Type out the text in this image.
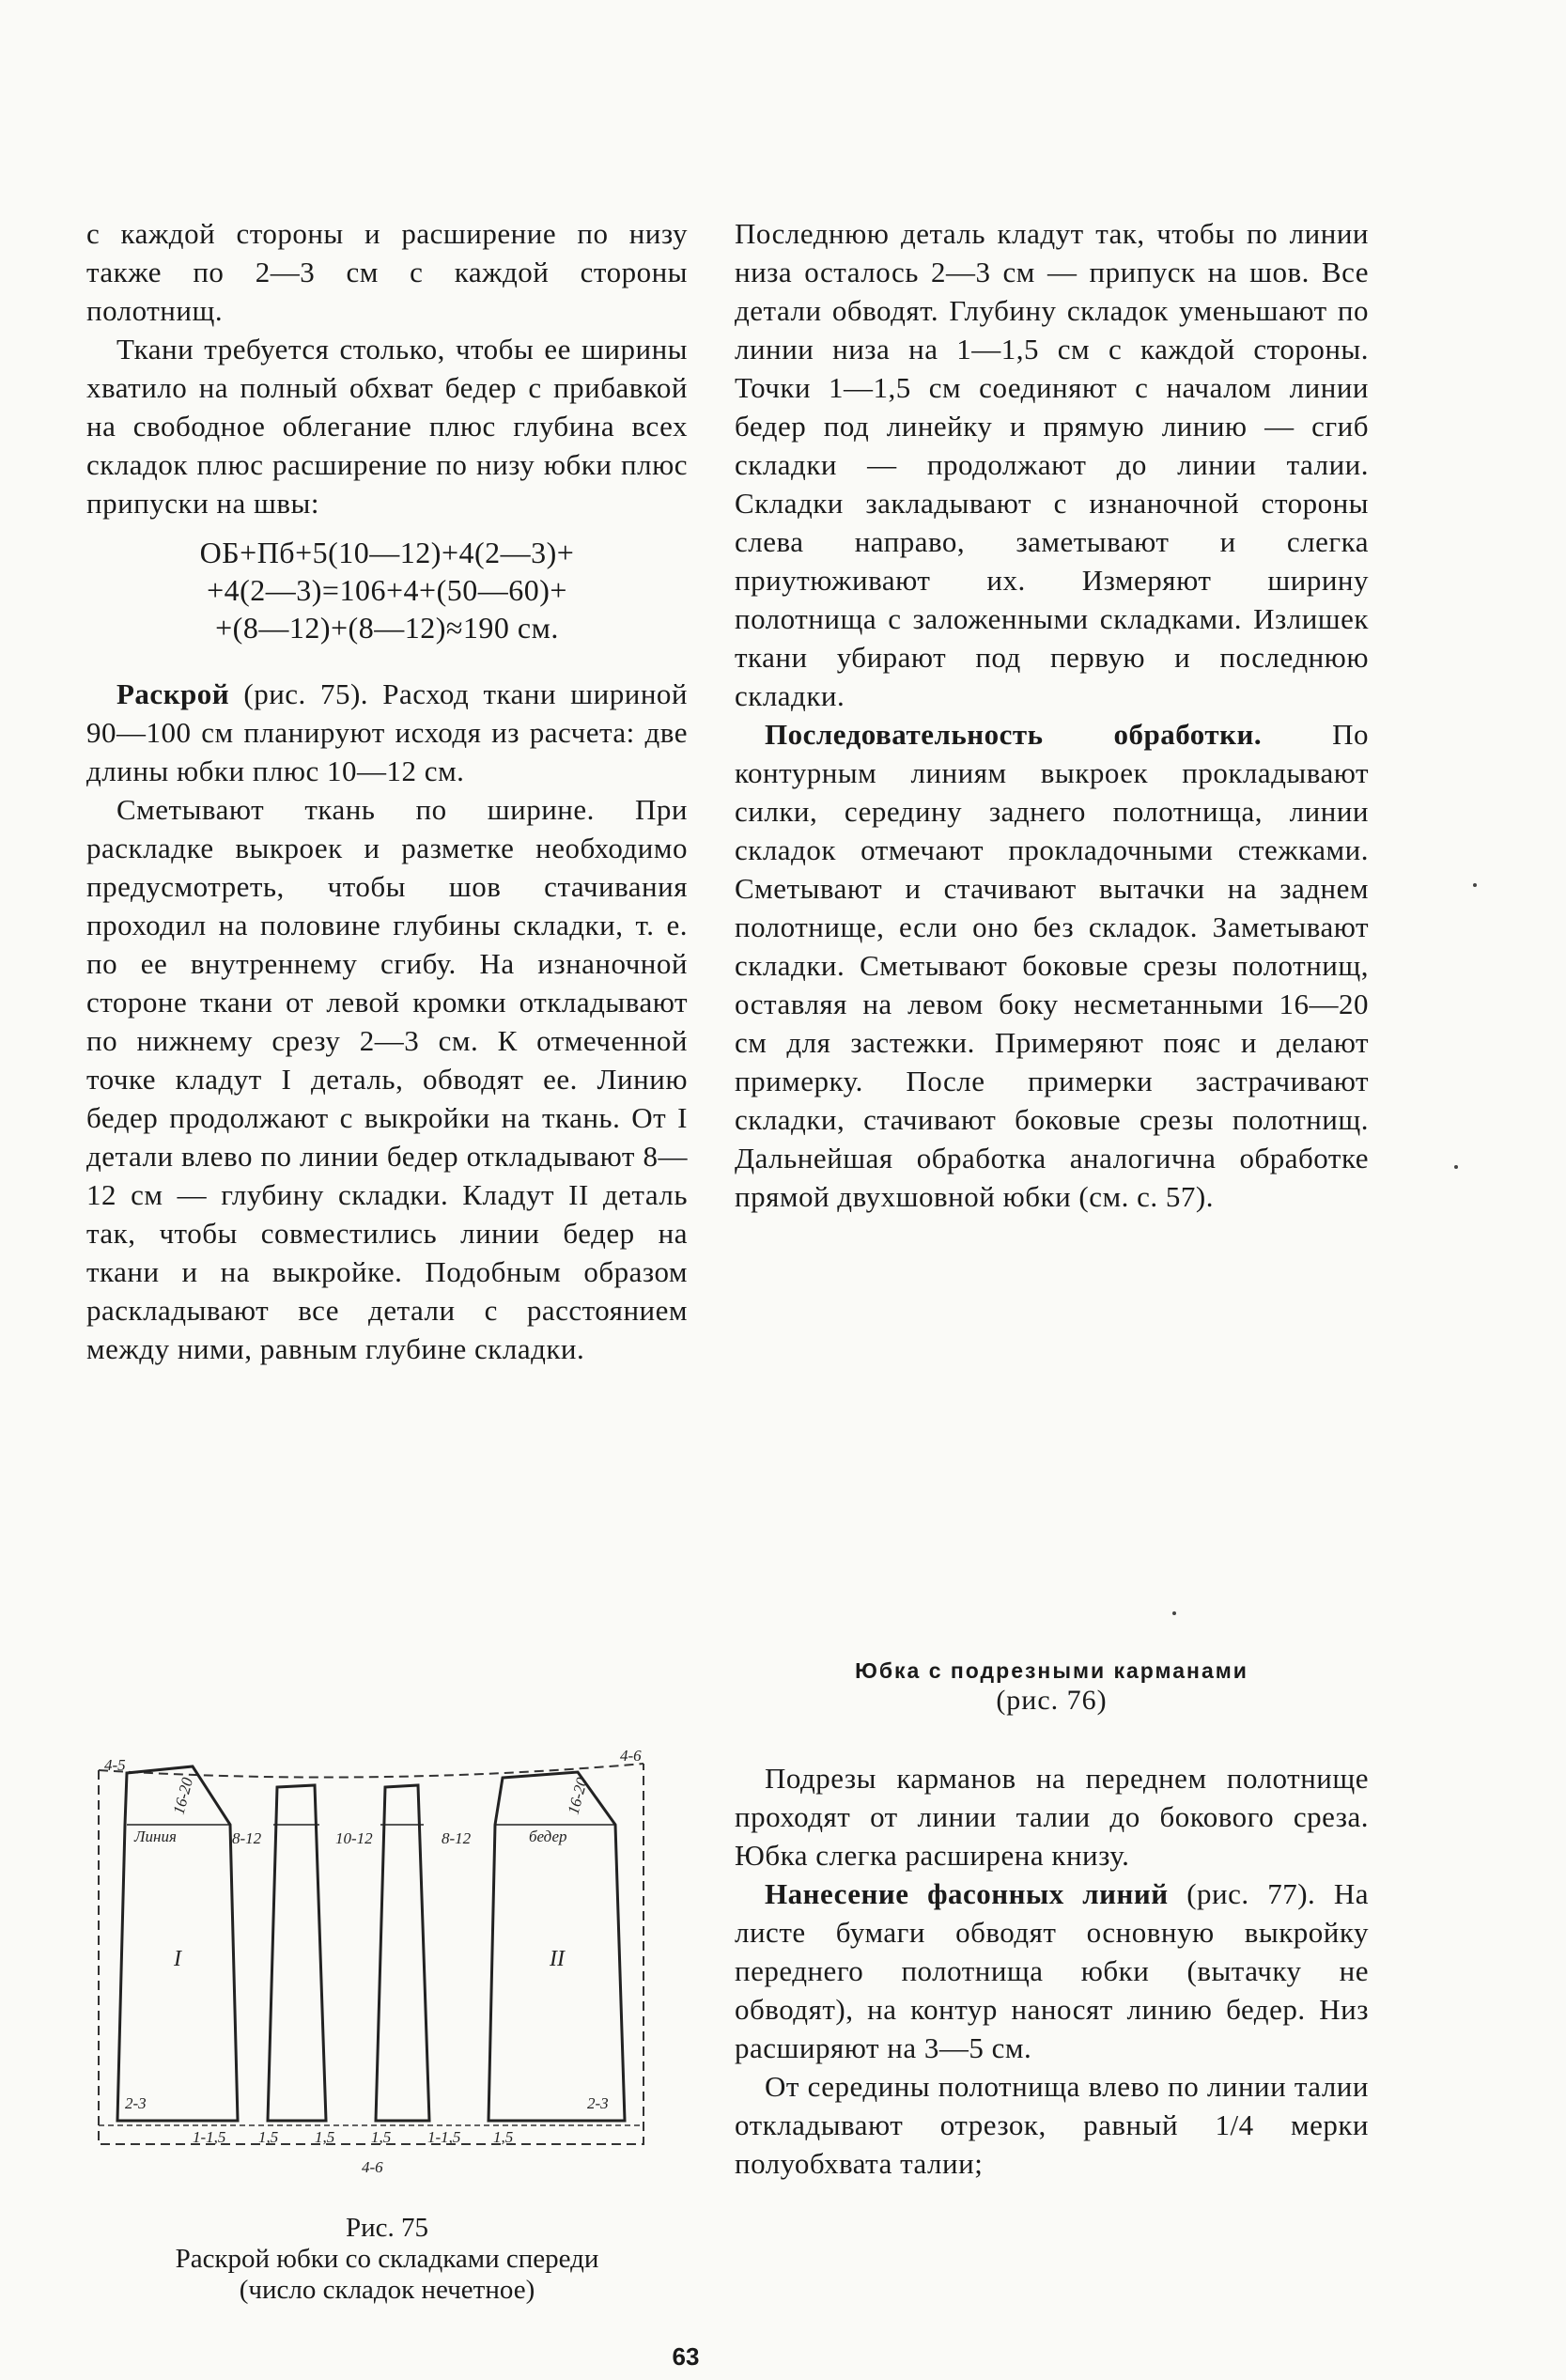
с каждой стороны и расширение по низу также по 2—3 см с каждой стороны полотнищ.

Ткани требуется столько, чтобы ее ширины хватило на полный обхват бедер с прибавкой на свободное облегание плюс глубина всех складок плюс расширение по низу юбки плюс припуски на швы:

ОБ+Пб+5(10—12)+4(2—3)+
+4(2—3)=106+4+(50—60)+
+(8—12)+(8—12)≈190 см.

Раскрой (рис. 75). Расход ткани шириной 90—100 см планируют исходя из расчета: две длины юбки плюс 10—12 см.

Сметывают ткань по ширине. При раскладке выкроек и разметке необходимо предусмотреть, чтобы шов стачивания проходил на половине глубины складки, т. е. по ее внутреннему сгибу. На изнаночной стороне ткани от левой кромки откладывают по нижнему срезу 2—3 см. К отмеченной точке кладут I деталь, обводят ее. Линию бедер продолжают с выкройки на ткань. От I детали влево по линии бедер откладывают 8—12 см — глубину складки. Кладут II деталь так, чтобы совместились линии бедер на ткани и на выкройке. Подобным образом раскладывают все детали с расстоянием между ними, равным глубине складки.

Последнюю деталь кладут так, чтобы по линии низа осталось 2—3 см — припуск на шов. Все детали обводят. Глубину складок уменьшают по линии низа на 1—1,5 см с каждой стороны. Точки 1—1,5 см соединяют с началом линии бедер под линейку и прямую линию — сгиб складки — продолжают до линии талии. Складки закладывают с изнаночной стороны слева направо, заметывают и слегка приутюживают их. Измеряют ширину полотнища с заложенными складками. Излишек ткани убирают под первую и последнюю складки.

Последовательность обработки. По контурным линиям выкроек прокладывают силки, середину заднего полотнища, линии складок отмечают прокладочными стежками. Сметывают и стачивают вытачки на заднем полотнище, если оно без складок. Заметывают складки. Сметывают боковые срезы полотнищ, оставляя на левом боку несметанными 16—20 см для застежки. Примеряют пояс и делают примерку. После примерки застрачивают складки, стачивают боковые срезы полотнищ. Дальнейшая обработка аналогична обработке прямой двухшовной юбки (см. с. 57).

Юбка с подрезными карманами
(рис. 76)

Подрезы карманов на переднем полотнище проходят от линии талии до бокового среза. Юбка слегка расширена книзу.

Нанесение фасонных линий (рис. 77). На листе бумаги обводят основную выкройку переднего полотнища юбки (вытачку не обводят), на контур наносят линию бедер. Низ расширяют на 3—5 см.

От середины полотнища влево по линии талии откладывают отрезок, равный 1/4 мерки полуобхвата талии;

4-5
4-6
4-6
16-20	16-20
Линия	бедер
I	II
8-12	10-12	8-12
2-3	2-3
1-1,5 1,5 1,5 1,5 1-1,5 1,5
Рис. 75
Раскрой юбки со складками спереди
(число складок нечетное)
63
